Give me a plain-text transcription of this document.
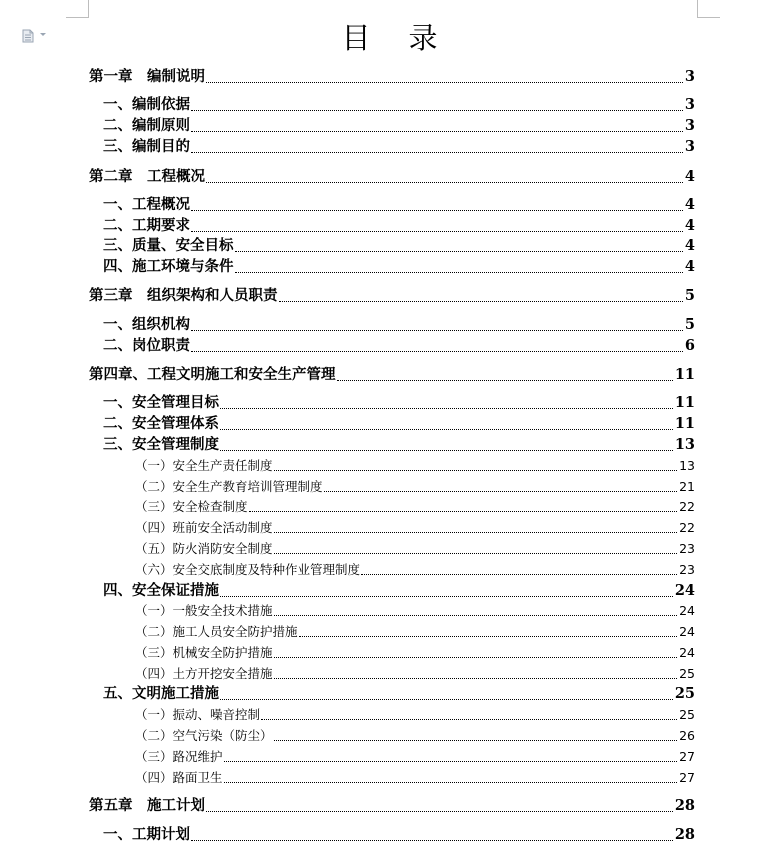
目录
第一章　编制说明	3
一、编制依据	3
二、编制原则	3
三、编制目的	3
第二章　工程概况	4
一、工程概况	4
二、工期要求	4
三、质量、安全目标	4
四、施工环境与条件	4
第三章　组织架构和人员职责	5
一、组织机构	5
二、岗位职责	6
第四章、工程文明施工和安全生产管理	11
一、安全管理目标	11
二、安全管理体系	11
三、安全管理制度	13
（一）安全生产责任制度	13
（二）安全生产教育培训管理制度	21
（三）安全检查制度	22
（四）班前安全活动制度	22
（五）防火消防安全制度	23
（六）安全交底制度及特种作业管理制度	23
四、安全保证措施	24
（一）一般安全技术措施	24
（二）施工人员安全防护措施	24
（三）机械安全防护措施	24
（四）土方开挖安全措施	25
五、文明施工措施	25
（一）振动、噪音控制	25
（二）空气污染（防尘）	26
（三）路况维护	27
（四）路面卫生	27
第五章　施工计划	28
一、工期计划	28
